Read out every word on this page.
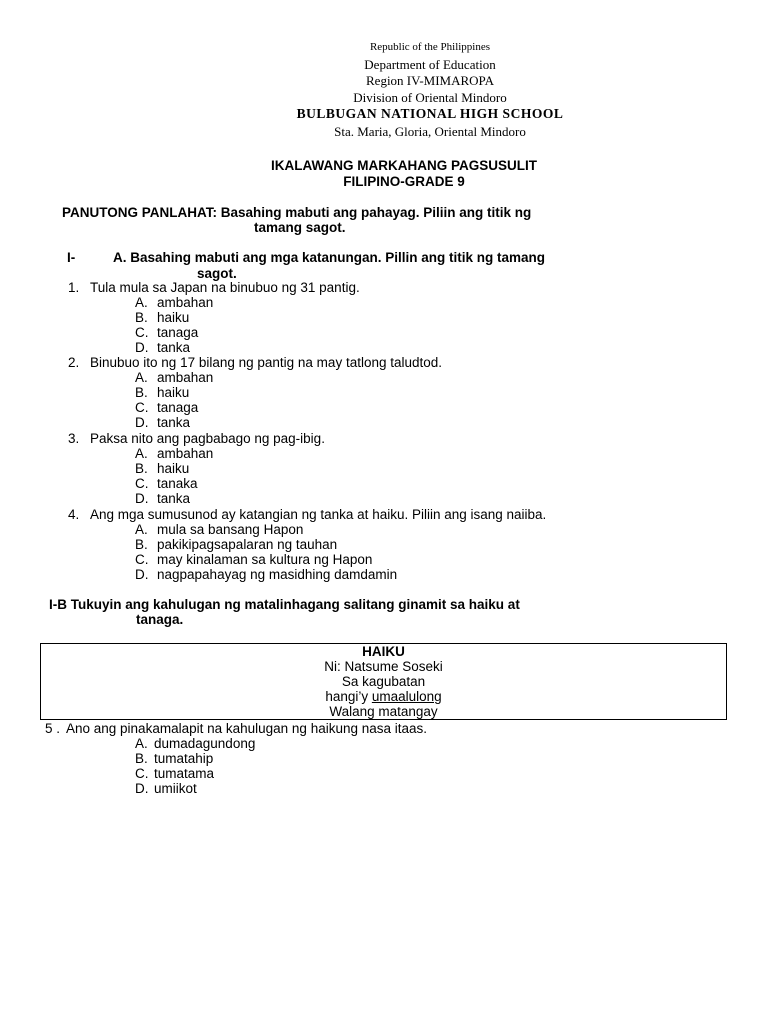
Republic of the Philippines
Department of Education
Region IV-MIMAROPA
Division of Oriental Mindoro
BULBUGAN NATIONAL HIGH SCHOOL
Sta. Maria, Gloria, Oriental Mindoro
IKALAWANG MARKAHANG PAGSUSULIT
FILIPINO-GRADE 9
PANUTONG PANLAHAT: Basahing mabuti ang pahayag. Piliin ang titik ng
tamang sagot.
I-	A. Basahing mabuti ang mga katanungan. Pillin ang titik ng tamang
sagot.
1. Tula mula sa Japan na binubuo ng 31 pantig.
A. ambahan
B. haiku
C. tanaga
D. tanka
2. Binubuo ito ng 17 bilang ng pantig na may tatlong taludtod.
A. ambahan
B. haiku
C. tanaga
D. tanka
3. Paksa nito ang pagbabago ng pag-ibig.
A. ambahan
B. haiku
C. tanaka
D. tanka
4. Ang mga sumusunod ay katangian ng tanka at haiku. Piliin ang isang naiiba.
A. mula sa bansang Hapon
B. pakikipagsapalaran ng tauhan
C. may kinalaman sa kultura ng Hapon
D. nagpapahayag ng masidhing damdamin
I-B Tukuyin ang kahulugan ng matalinhagang salitang ginamit sa haiku at
tanaga.
HAIKU
Ni: Natsume Soseki
Sa kagubatan
hangi’y umaalulong
Walang matangay
5 . Ano ang pinakamalapit na kahulugan ng haikung nasa itaas.
A. dumadagundong
B. tumatahip
C. tumatama
D. umiikot
